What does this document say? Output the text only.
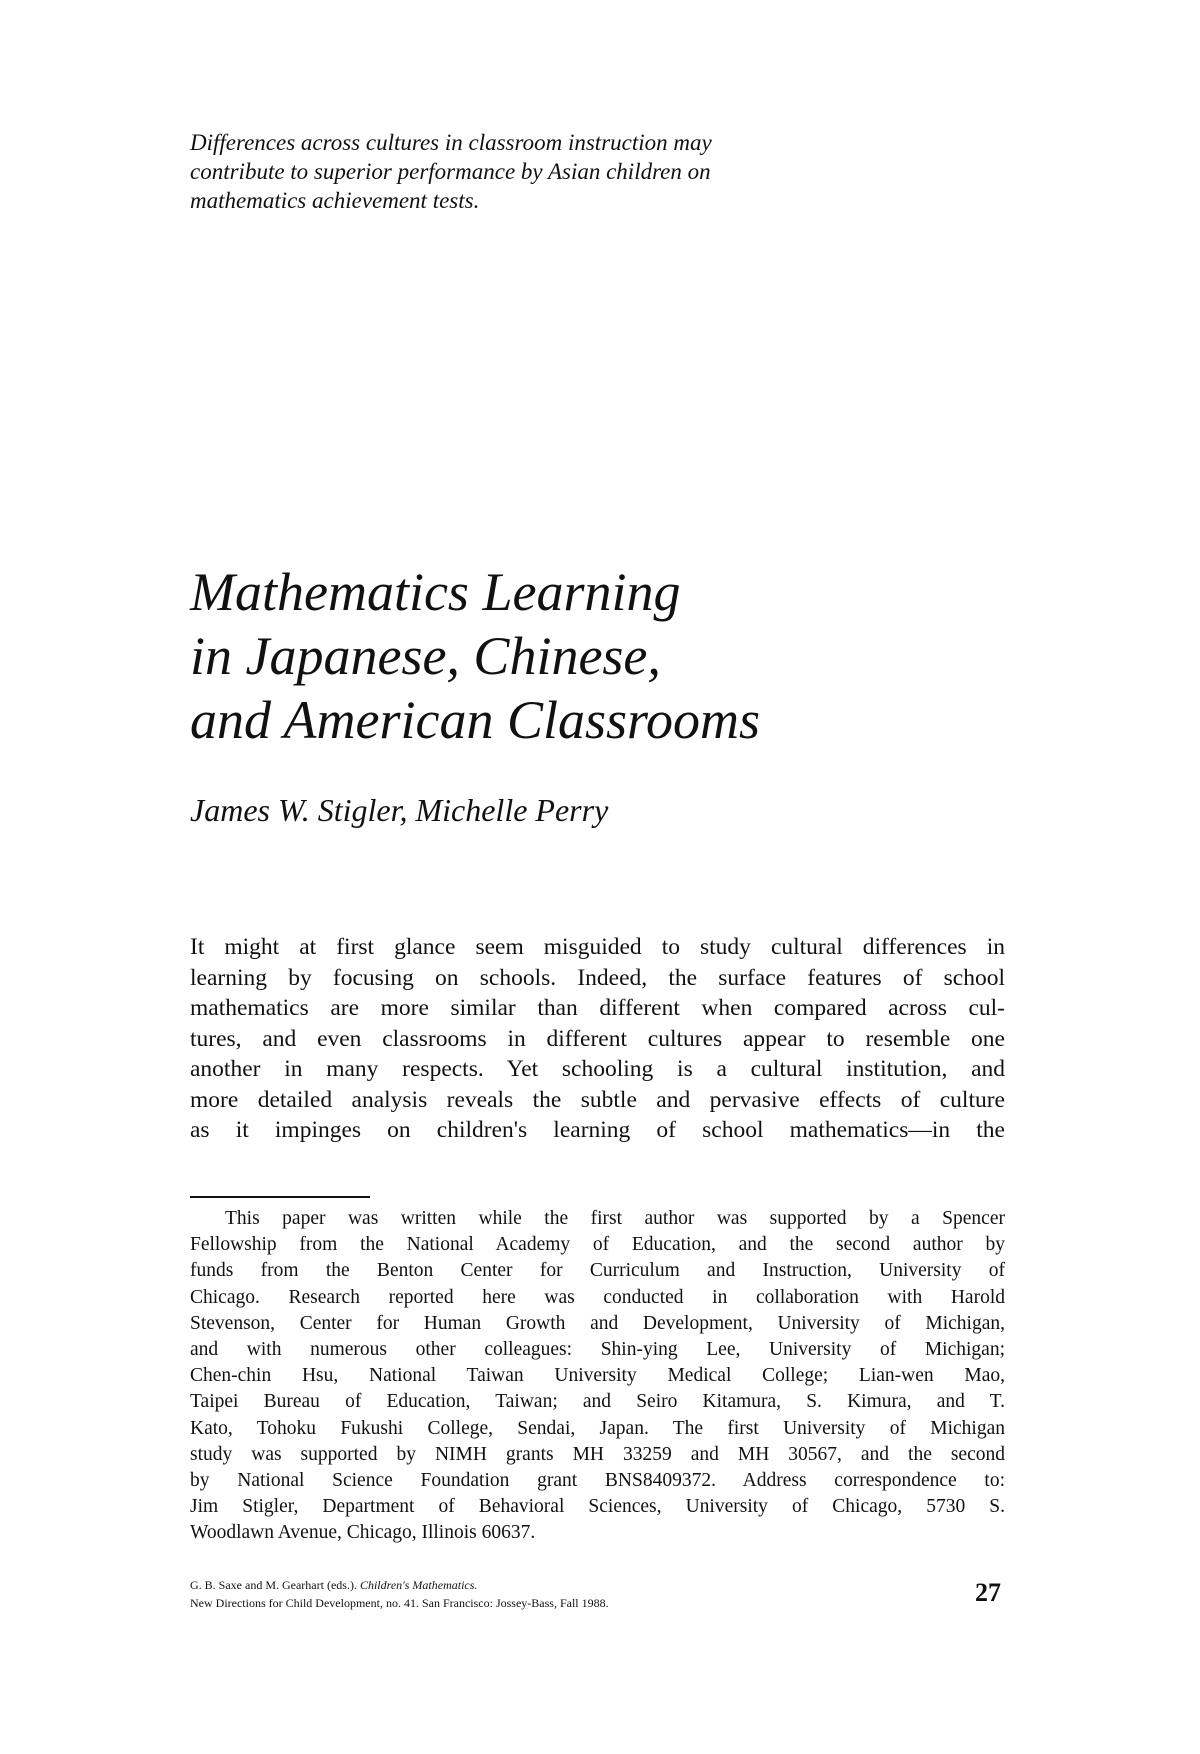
Differences across cultures in classroom instruction may
contribute to superior performance by Asian children on
mathematics achievement tests.
Mathematics Learning
in Japanese, Chinese,
and American Classrooms
James W. Stigler, Michelle Perry
It might at first glance seem misguided to study cultural differences in
learning by focusing on schools. Indeed, the surface features of school
mathematics are more similar than different when compared across cul-
tures, and even classrooms in different cultures appear to resemble one
another in many respects. Yet schooling is a cultural institution, and
more detailed analysis reveals the subtle and pervasive effects of culture
as it impinges on children's learning of school mathematics—in the
This paper was written while the first author was supported by a Spencer
Fellowship from the National Academy of Education, and the second author by
funds from the Benton Center for Curriculum and Instruction, University of
Chicago. Research reported here was conducted in collaboration with Harold
Stevenson, Center for Human Growth and Development, University of Michigan,
and with numerous other colleagues: Shin-ying Lee, University of Michigan;
Chen-chin Hsu, National Taiwan University Medical College; Lian-wen Mao,
Taipei Bureau of Education, Taiwan; and Seiro Kitamura, S. Kimura, and T.
Kato, Tohoku Fukushi College, Sendai, Japan. The first University of Michigan
study was supported by NIMH grants MH 33259 and MH 30567, and the second
by National Science Foundation grant BNS8409372. Address correspondence to:
Jim Stigler, Department of Behavioral Sciences, University of Chicago, 5730 S.
Woodlawn Avenue, Chicago, Illinois 60637.
G. B. Saxe and M. Gearhart (eds.). Children's Mathematics.
New Directions for Child Development, no. 41. San Francisco: Jossey-Bass, Fall 1988.	27
